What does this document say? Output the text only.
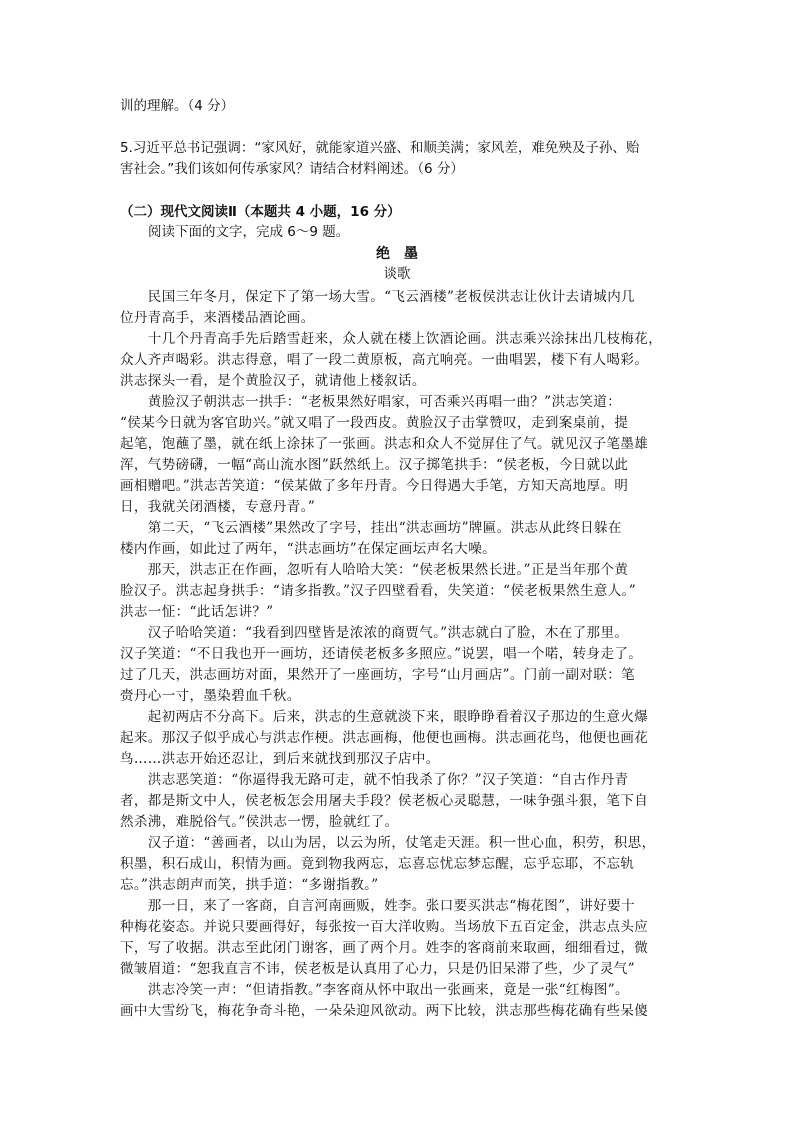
训的理解。（4 分）
5.习近平总书记强调：“家风好，就能家道兴盛、和顺美满；家风差，难免殃及子孙、贻
害社会。”我们该如何传承家风？请结合材料阐述。（6 分）
（二）现代文阅读Ⅱ（本题共 4 小题，16 分）
阅读下面的文字，完成 6～9 题。
绝　墨
谈歌
　　民国三年冬月，保定下了第一场大雪。“飞云酒楼”老板侯洪志让伙计去请城内几
位丹青高手，来酒楼品酒论画。
　　十几个丹青高手先后踏雪赶来，众人就在楼上饮酒论画。洪志乘兴涂抹出几枝梅花，
众人齐声喝彩。洪志得意，唱了一段二黄原板，高亢响亮。一曲唱罢，楼下有人喝彩。
洪志探头一看，是个黄脸汉子，就请他上楼叙话。
　　黄脸汉子朝洪志一拱手：“老板果然好唱家，可否乘兴再唱一曲？”洪志笑道：
“侯某今日就为客官助兴。”就又唱了一段西皮。黄脸汉子击掌赞叹，走到案桌前，提
起笔，饱蘸了墨，就在纸上涂抹了一张画。洪志和众人不觉屏住了气。就见汉子笔墨雄
浑，气势磅礴，一幅“高山流水图”跃然纸上。汉子掷笔拱手：“侯老板，今日就以此
画相赠吧。”洪志苦笑道：“侯某做了多年丹青。今日得遇大手笔，方知天高地厚。明
日，我就关闭酒楼，专意丹青。”
　　第二天，“飞云酒楼”果然改了字号，挂出“洪志画坊”牌匾。洪志从此终日躲在
楼内作画，如此过了两年，“洪志画坊”在保定画坛声名大噪。
　　那天，洪志正在作画，忽听有人哈哈大笑：“侯老板果然长进。”正是当年那个黄
脸汉子。洪志起身拱手：“请多指教。”汉子四壁看看，失笑道：“侯老板果然生意人。”
洪志一怔：“此话怎讲？”
　　汉子哈哈笑道：“我看到四壁皆是浓浓的商贾气。”洪志就白了脸，木在了那里。
汉子笑道：“不日我也开一画坊，还请侯老板多多照应。”说罢，唱一个喏，转身走了。
过了几天，洪志画坊对面，果然开了一座画坊，字号“山月画店”。门前一副对联：笔
赍丹心一寸，墨染碧血千秋。
　　起初两店不分高下。后来，洪志的生意就淡下来，眼睁睁看着汉子那边的生意火爆
起来。那汉子似乎成心与洪志作梗。洪志画梅，他便也画梅。洪志画花鸟，他便也画花
鸟……洪志开始还忍让，到后来就找到那汉子店中。
　　洪志恶笑道：“你逼得我无路可走，就不怕我杀了你？”汉子笑道：“自古作丹青
者，都是斯文中人，侯老板怎会用屠夫手段？侯老板心灵聪慧，一味争强斗狠，笔下自
然杀沸，难脱俗气。”侯洪志一愣，脸就红了。
　　汉子道：“善画者，以山为居，以云为所，仗笔走天涯。积一世心血，积劳，积思，
积墨，积石成山，积情为画。竟到物我两忘，忘喜忘忧忘梦忘醒，忘乎忘耶，不忘轨
忘。”洪志朗声而笑，拱手道：“多谢指教。”
　　那一日，来了一客商，自言河南画贩，姓李。张口要买洪志“梅花图”，讲好要十
种梅花姿态。并说只要画得好，每张按一百大洋收购。当场放下五百定金，洪志点头应
下，写了收据。洪志至此闭门谢客，画了两个月。姓李的客商前来取画，细细看过，微
微皱眉道：“恕我直言不讳，侯老板是认真用了心力，只是仍旧呆滞了些，少了灵气”
　　洪志冷笑一声：“但请指教。”李客商从怀中取出一张画来，竟是一张“红梅图”。
画中大雪纷飞，梅花争奇斗艳，一朵朵迎风欲动。两下比较，洪志那些梅花确有些呆傻
